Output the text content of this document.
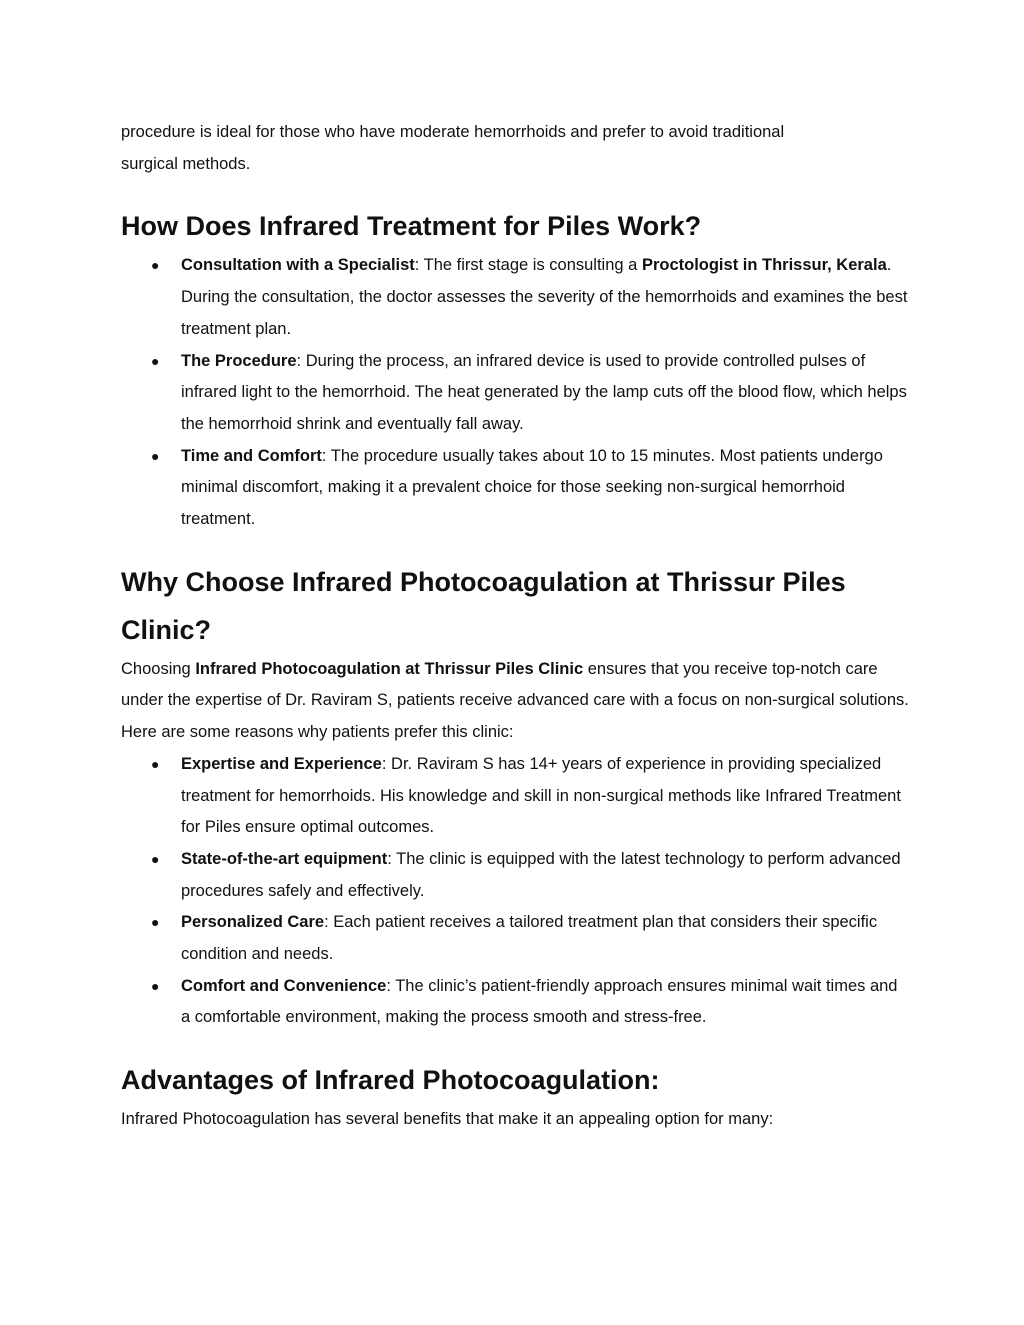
procedure is ideal for those who have moderate hemorrhoids and prefer to avoid traditional
surgical methods.

How Does Infrared Treatment for Piles Work?
● Consultation with a Specialist: The first stage is consulting a Proctologist in Thrissur, Kerala. During the consultation, the doctor assesses the severity of the hemorrhoids and examines the best treatment plan.
● The Procedure: During the process, an infrared device is used to provide controlled pulses of infrared light to the hemorrhoid. The heat generated by the lamp cuts off the blood flow, which helps the hemorrhoid shrink and eventually fall away.
● Time and Comfort: The procedure usually takes about 10 to 15 minutes. Most patients undergo minimal discomfort, making it a prevalent choice for those seeking non-surgical hemorrhoid treatment.
Why Choose Infrared Photocoagulation at Thrissur Piles
Clinic?

Choosing Infrared Photocoagulation at Thrissur Piles Clinic ensures that you receive top-notch care under the expertise of Dr. Raviram S, patients receive advanced care with a focus on non-surgical solutions. Here are some reasons why patients prefer this clinic:

● Expertise and Experience: Dr. Raviram S has 14+ years of experience in providing specialized treatment for hemorrhoids. His knowledge and skill in non-surgical methods like Infrared Treatment for Piles ensure optimal outcomes.
● State-of-the-art equipment: The clinic is equipped with the latest technology to perform advanced procedures safely and effectively.
● Personalized Care: Each patient receives a tailored treatment plan that considers their specific condition and needs.
● Comfort and Convenience: The clinic’s patient-friendly approach ensures minimal wait times and a comfortable environment, making the process smooth and stress-free.
Advantages of Infrared Photocoagulation:

Infrared Photocoagulation has several benefits that make it an appealing option for many:
